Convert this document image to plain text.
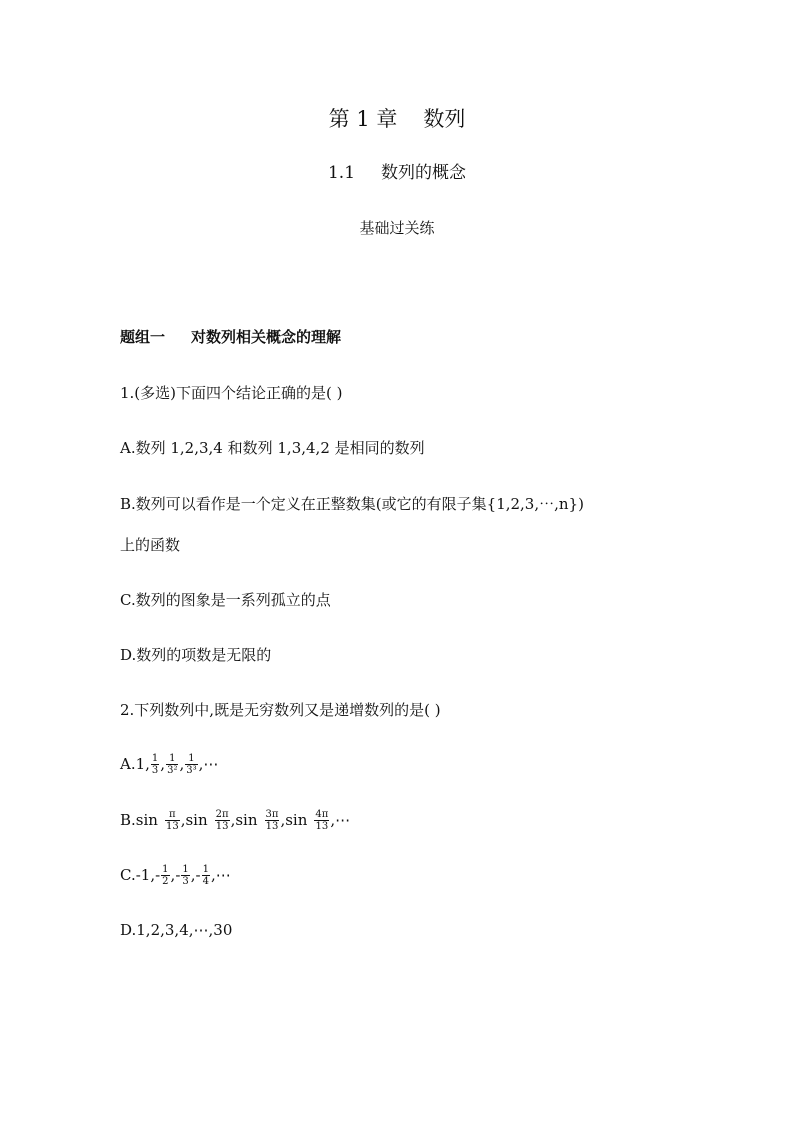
第 1 章 数列
1.1 数列的概念
基础过关练
题组一 对数列相关概念的理解
1.(多选)下面四个结论正确的是( )
A.数列 1,2,3,4 和数列 1,3,4,2 是相同的数列
B.数列可以看作是一个定义在正整数集(或它的有限子集{1,2,3,⋯,n})
上的函数
C.数列的图象是一系列孤立的点
D.数列的项数是无限的
2.下列数列中,既是无穷数列又是递增数列的是( )
A.1, $\frac{1}{3}$ , $\frac{1}{\text{3²}}$ , $\frac{1}{\text{3³}}$ ,⋯
$B.\sin \frac{\pi}{13} ,\sin \frac{2\pi}{13} ,\sin \frac{3\pi}{13} ,\sin \frac{4\pi}{13}$ ,⋯
$C.-1,- \frac{1}{2}$ ,- $\frac{1}{3}$ ,- $\frac{1}{4}$ ,⋯
D.1,2,3,4,⋯,30
